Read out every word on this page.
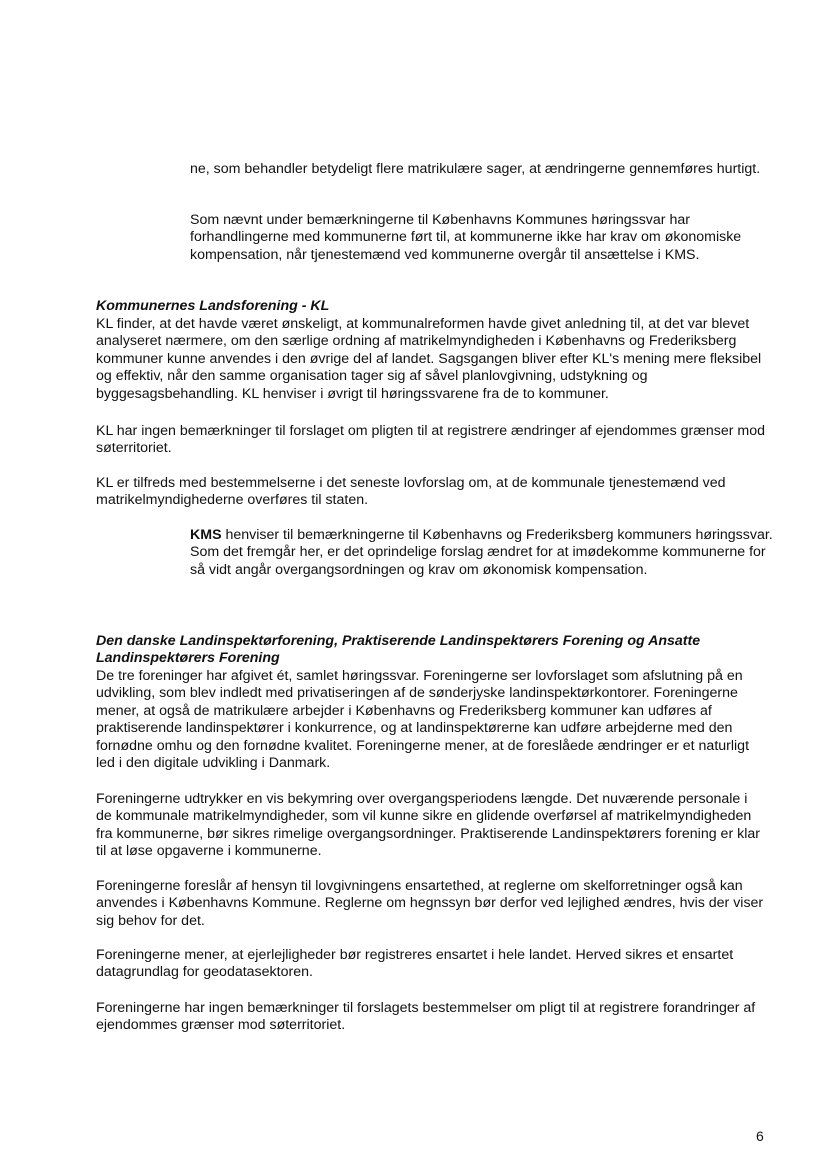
ne, som behandler betydeligt flere matrikulære sager, at ændringerne gennemføres hurtigt.

Som nævnt under bemærkningerne til Københavns Kommunes høringssvar har forhandlingerne med kommunerne ført til, at kommunerne ikke har krav om økonomiske kompensation, når tjenestemænd ved kommunerne overgår til ansættelse i KMS.

Kommunernes Landsforening - KL

KL finder, at det havde været ønskeligt, at kommunalreformen havde givet anledning til, at det var blevet analyseret nærmere, om den særlige ordning af matrikelmyndigheden i Københavns og Frederiksberg kommuner kunne anvendes i den øvrige del af landet. Sagsgangen bliver efter KL's mening mere fleksibel og effektiv, når den samme organisation tager sig af såvel planlovgivning, udstykning og byggesagsbehandling. KL henviser i øvrigt til høringssvarene fra de to kommuner.

KL har ingen bemærkninger til forslaget om pligten til at registrere ændringer af ejendommes grænser mod søterritoriet.

KL er tilfreds med bestemmelserne i det seneste lovforslag om, at de kommunale tjenestemænd ved matrikelmyndighederne overføres til staten.

KMS henviser til bemærkningerne til Københavns og Frederiksberg kommuners høringssvar. Som det fremgår her, er det oprindelige forslag ændret for at imødekomme kommunerne for så vidt angår overgangsordningen og krav om økonomisk kompensation.

Den danske Landinspektørforening, Praktiserende Landinspektørers Forening og Ansatte Landinspektørers Forening

De tre foreninger har afgivet ét, samlet høringssvar. Foreningerne ser lovforslaget som afslutning på en udvikling, som blev indledt med privatiseringen af de sønderjyske landinspektørkontorer. Foreningerne mener, at også de matrikulære arbejder i Københavns og Frederiksberg kommuner kan udføres af praktiserende landinspektører i konkurrence, og at landinspektørerne kan udføre arbejderne med den fornødne omhu og den fornødne kvalitet. Foreningerne mener, at de foreslåede ændringer er et naturligt led i den digitale udvikling i Danmark.

Foreningerne udtrykker en vis bekymring over overgangsperiodens længde. Det nuværende personale i de kommunale matrikelmyndigheder, som vil kunne sikre en glidende overførsel af matrikelmyndigheden fra kommunerne, bør sikres rimelige overgangsordninger. Praktiserende Landinspektørers forening er klar til at løse opgaverne i kommunerne.

Foreningerne foreslår af hensyn til lovgivningens ensartethed, at reglerne om skelforretninger også kan anvendes i Københavns Kommune. Reglerne om hegnssyn bør derfor ved lejlighed ændres, hvis der viser sig behov for det.

Foreningerne mener, at ejerlejligheder bør registreres ensartet i hele landet. Herved sikres et ensartet datagrundlag for geodatasektoren.

Foreningerne har ingen bemærkninger til forslagets bestemmelser om pligt til at registrere forandringer af ejendommes grænser mod søterritoriet.

6
